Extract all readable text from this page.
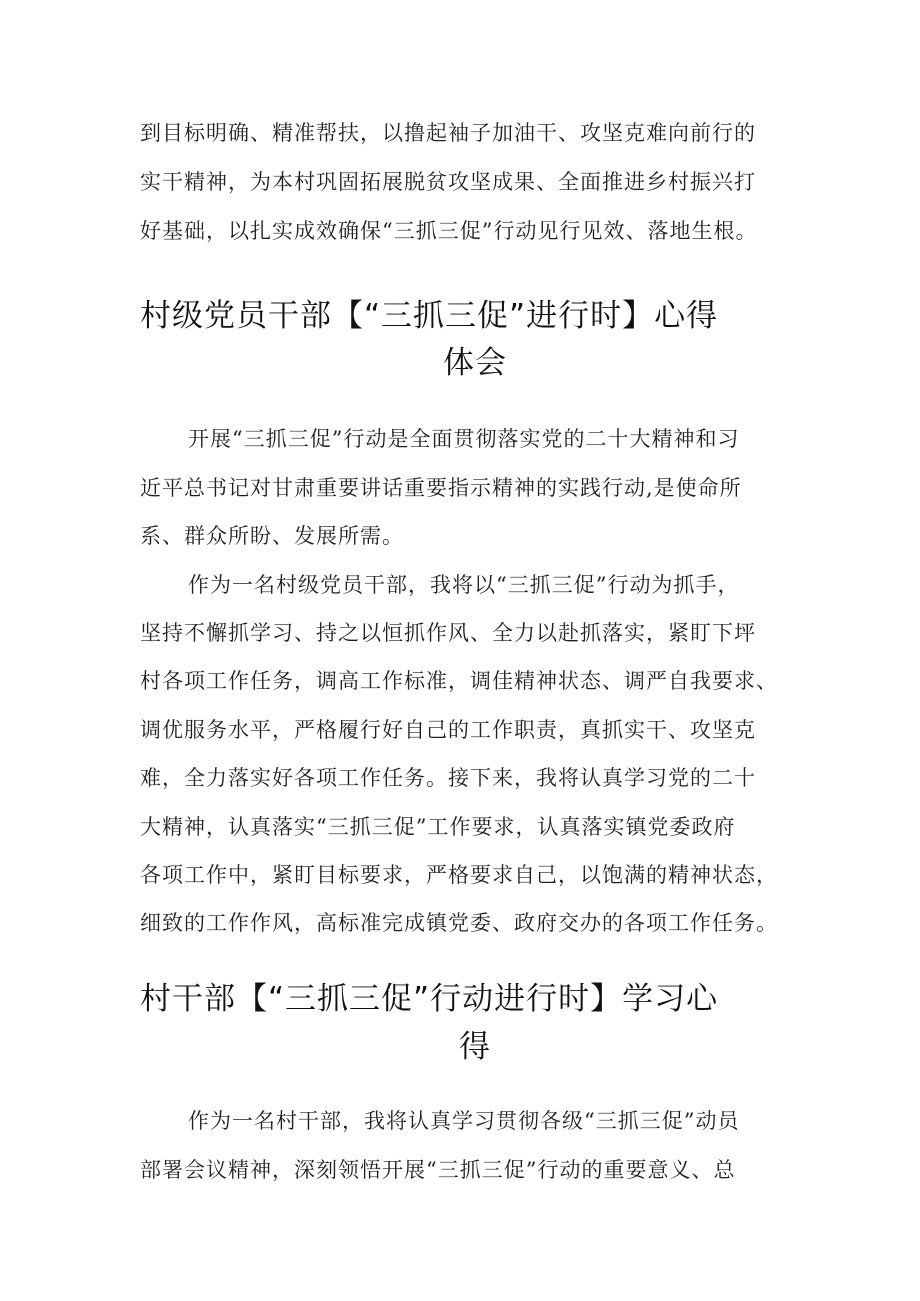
到目标明确、精准帮扶，以撸起袖子加油干、攻坚克难向前行的
实干精神，为本村巩固拓展脱贫攻坚成果、全面推进乡村振兴打
好基础，以扎实成效确保“三抓三促”行动见行见效、落地生根。
村级党员干部【“三抓三促”进行时】心得
体会
开展“三抓三促”行动是全面贯彻落实党的二十大精神和习
近平总书记对甘肃重要讲话重要指示精神的实践行动,是使命所
系、群众所盼、发展所需。
作为一名村级党员干部，我将以“三抓三促”行动为抓手，
坚持不懈抓学习、持之以恒抓作风、全力以赴抓落实，紧盯下坪
村各项工作任务，调高工作标准，调佳精神状态、调严自我要求、
调优服务水平，严格履行好自己的工作职责，真抓实干、攻坚克
难，全力落实好各项工作任务。接下来，我将认真学习党的二十
大精神，认真落实“三抓三促”工作要求，认真落实镇党委政府
各项工作中，紧盯目标要求，严格要求自己，以饱满的精神状态，
细致的工作作风，高标准完成镇党委、政府交办的各项工作任务。
村干部【“三抓三促”行动进行时】学习心
得
作为一名村干部，我将认真学习贯彻各级“三抓三促”动员
部署会议精神，深刻领悟开展“三抓三促”行动的重要意义、总
